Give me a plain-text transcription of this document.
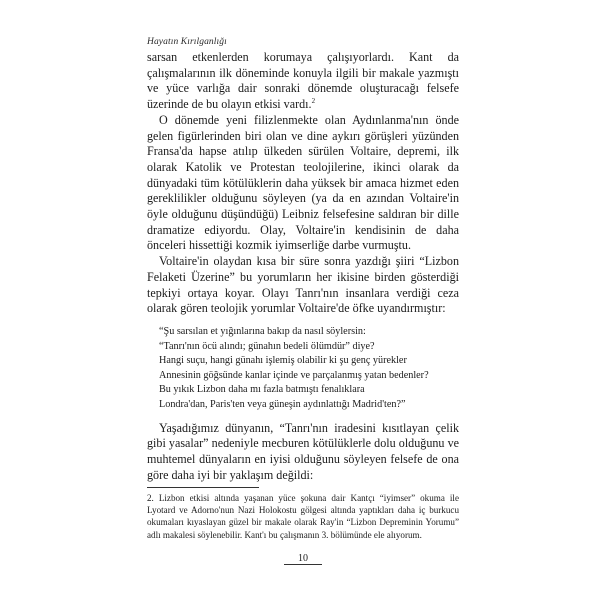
Hayatın Kırılganlığı

sarsan etkenlerden korumaya çalışıyorlardı. Kant da çalışmalarının ilk döneminde konuyla ilgili bir makale yazmıştı ve yüce varlığa dair sonraki dönemde oluşturacağı felsefe üzerinde de bu olayın etkisi vardı.$^2$

O dönemde yeni filizlenmekte olan Aydınlanma'nın önde gelen figürlerinden biri olan ve dine aykırı görüşleri yüzünden Fransa'da hapse atılıp ülkeden sürülen Voltaire, depremi, ilk olarak Katolik ve Protestan teolojilerine, ikinci olarak da dünyadaki tüm kötülüklerin daha yüksek bir amaca hizmet eden gereklilikler olduğunu söyleyen (ya da en azından Voltaire'in öyle olduğunu düşündüğü) Leibniz felsefesine saldıran bir dille dramatize ediyordu. Olay, Voltaire'in kendisinin de daha önceleri hissettiği kozmik iyimserliğe darbe vurmuştu.

Voltaire'in olaydan kısa bir süre sonra yazdığı şiiri “Lizbon Felaketi Üzerine” bu yorumların her ikisine birden gösterdiği tepkiyi ortaya koyar. Olayı Tanrı'nın insanlara verdiği ceza olarak gören teolojik yorumlar Voltaire'de öfke uyandırmıştır:

“Şu sarsılan et yığınlarına bakıp da nasıl söylersin:
“Tanrı'nın öcü alındı; günahın bedeli ölümdür” diye?
Hangi suçu, hangi günahı işlemiş olabilir ki şu genç yürekler
Annesinin göğsünde kanlar içinde ve parçalanmış yatan bedenler?
Bu yıkık Lizbon daha mı fazla batmıştı fenalıklara
Londra'dan, Paris'ten veya güneşin aydınlattığı Madrid'ten?”

Yaşadığımız dünyanın, “Tanrı'nın iradesini kısıtlayan çelik gibi yasalar” nedeniyle mecburen kötülüklerle dolu olduğunu ve muhtemel dünyaların en iyisi olduğunu söyleyen felsefe de ona göre daha iyi bir yaklaşım değildi:

2. Lizbon etkisi altında yaşanan yüce şokuna dair Kantçı “iyimser” okuma ile Lyotard ve Adorno'nun Nazi Holokostu gölgesi altında yaptıkları daha iç burkucu okumaları kıyaslayan güzel bir makale olarak Ray'in “Lizbon Depreminin Yorumu” adlı makalesi söylenebilir. Kant'ı bu çalışmanın 3. bölümünde ele alıyorum.
10
